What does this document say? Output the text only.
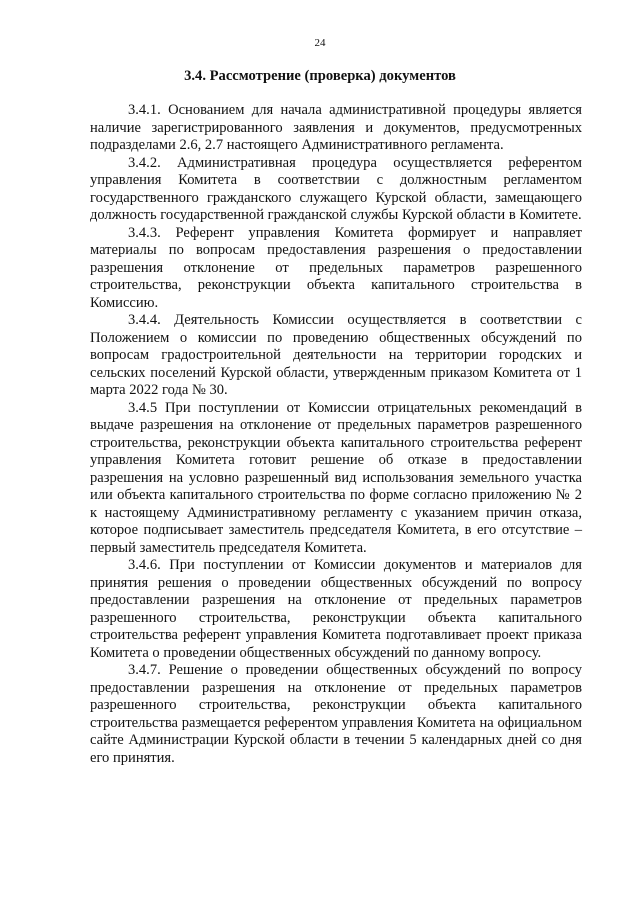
24
3.4. Рассмотрение (проверка) документов

3.4.1. Основанием для начала административной процедуры является наличие зарегистрированного заявления и документов, предусмотренных подразделами 2.6, 2.7 настоящего Административного регламента.

3.4.2. Административная процедура осуществляется референтом управления Комитета в соответствии с должностным регламентом государственного гражданского служащего Курской области, замещающего должность государственной гражданской службы Курской области в Комитете.

3.4.3. Референт управления Комитета формирует и направляет материалы по вопросам предоставления разрешения о предоставлении разрешения отклонение от предельных параметров разрешенного строительства, реконструкции объекта капитального строительства в Комиссию.

3.4.4. Деятельность Комиссии осуществляется в соответствии с Положением о комиссии по проведению общественных обсуждений по вопросам градостроительной деятельности на территории городских и сельских поселений Курской области, утвержденным приказом Комитета от 1 марта 2022 года № 30.

3.4.5 При поступлении от Комиссии отрицательных рекомендаций в выдаче разрешения на отклонение от предельных параметров разрешенного строительства, реконструкции объекта капитального строительства референт управления Комитета готовит решение об отказе в предоставлении разрешения на условно разрешенный вид использования земельного участка или объекта капитального строительства по форме согласно приложению № 2 к настоящему Административному регламенту с указанием причин отказа, которое подписывает заместитель председателя Комитета, в его отсутствие – первый заместитель председателя Комитета.

3.4.6. При поступлении от Комиссии документов и материалов для принятия решения о проведении общественных обсуждений по вопросу предоставлении разрешения на отклонение от предельных параметров разрешенного строительства, реконструкции объекта капитального строительства референт управления Комитета подготавливает проект приказа Комитета о проведении общественных обсуждений по данному вопросу.

3.4.7. Решение о проведении общественных обсуждений по вопросу предоставлении разрешения на отклонение от предельных параметров разрешенного строительства, реконструкции объекта капитального строительства размещается референтом управления Комитета на официальном сайте Администрации Курской области в течении 5 календарных дней со дня его принятия.
